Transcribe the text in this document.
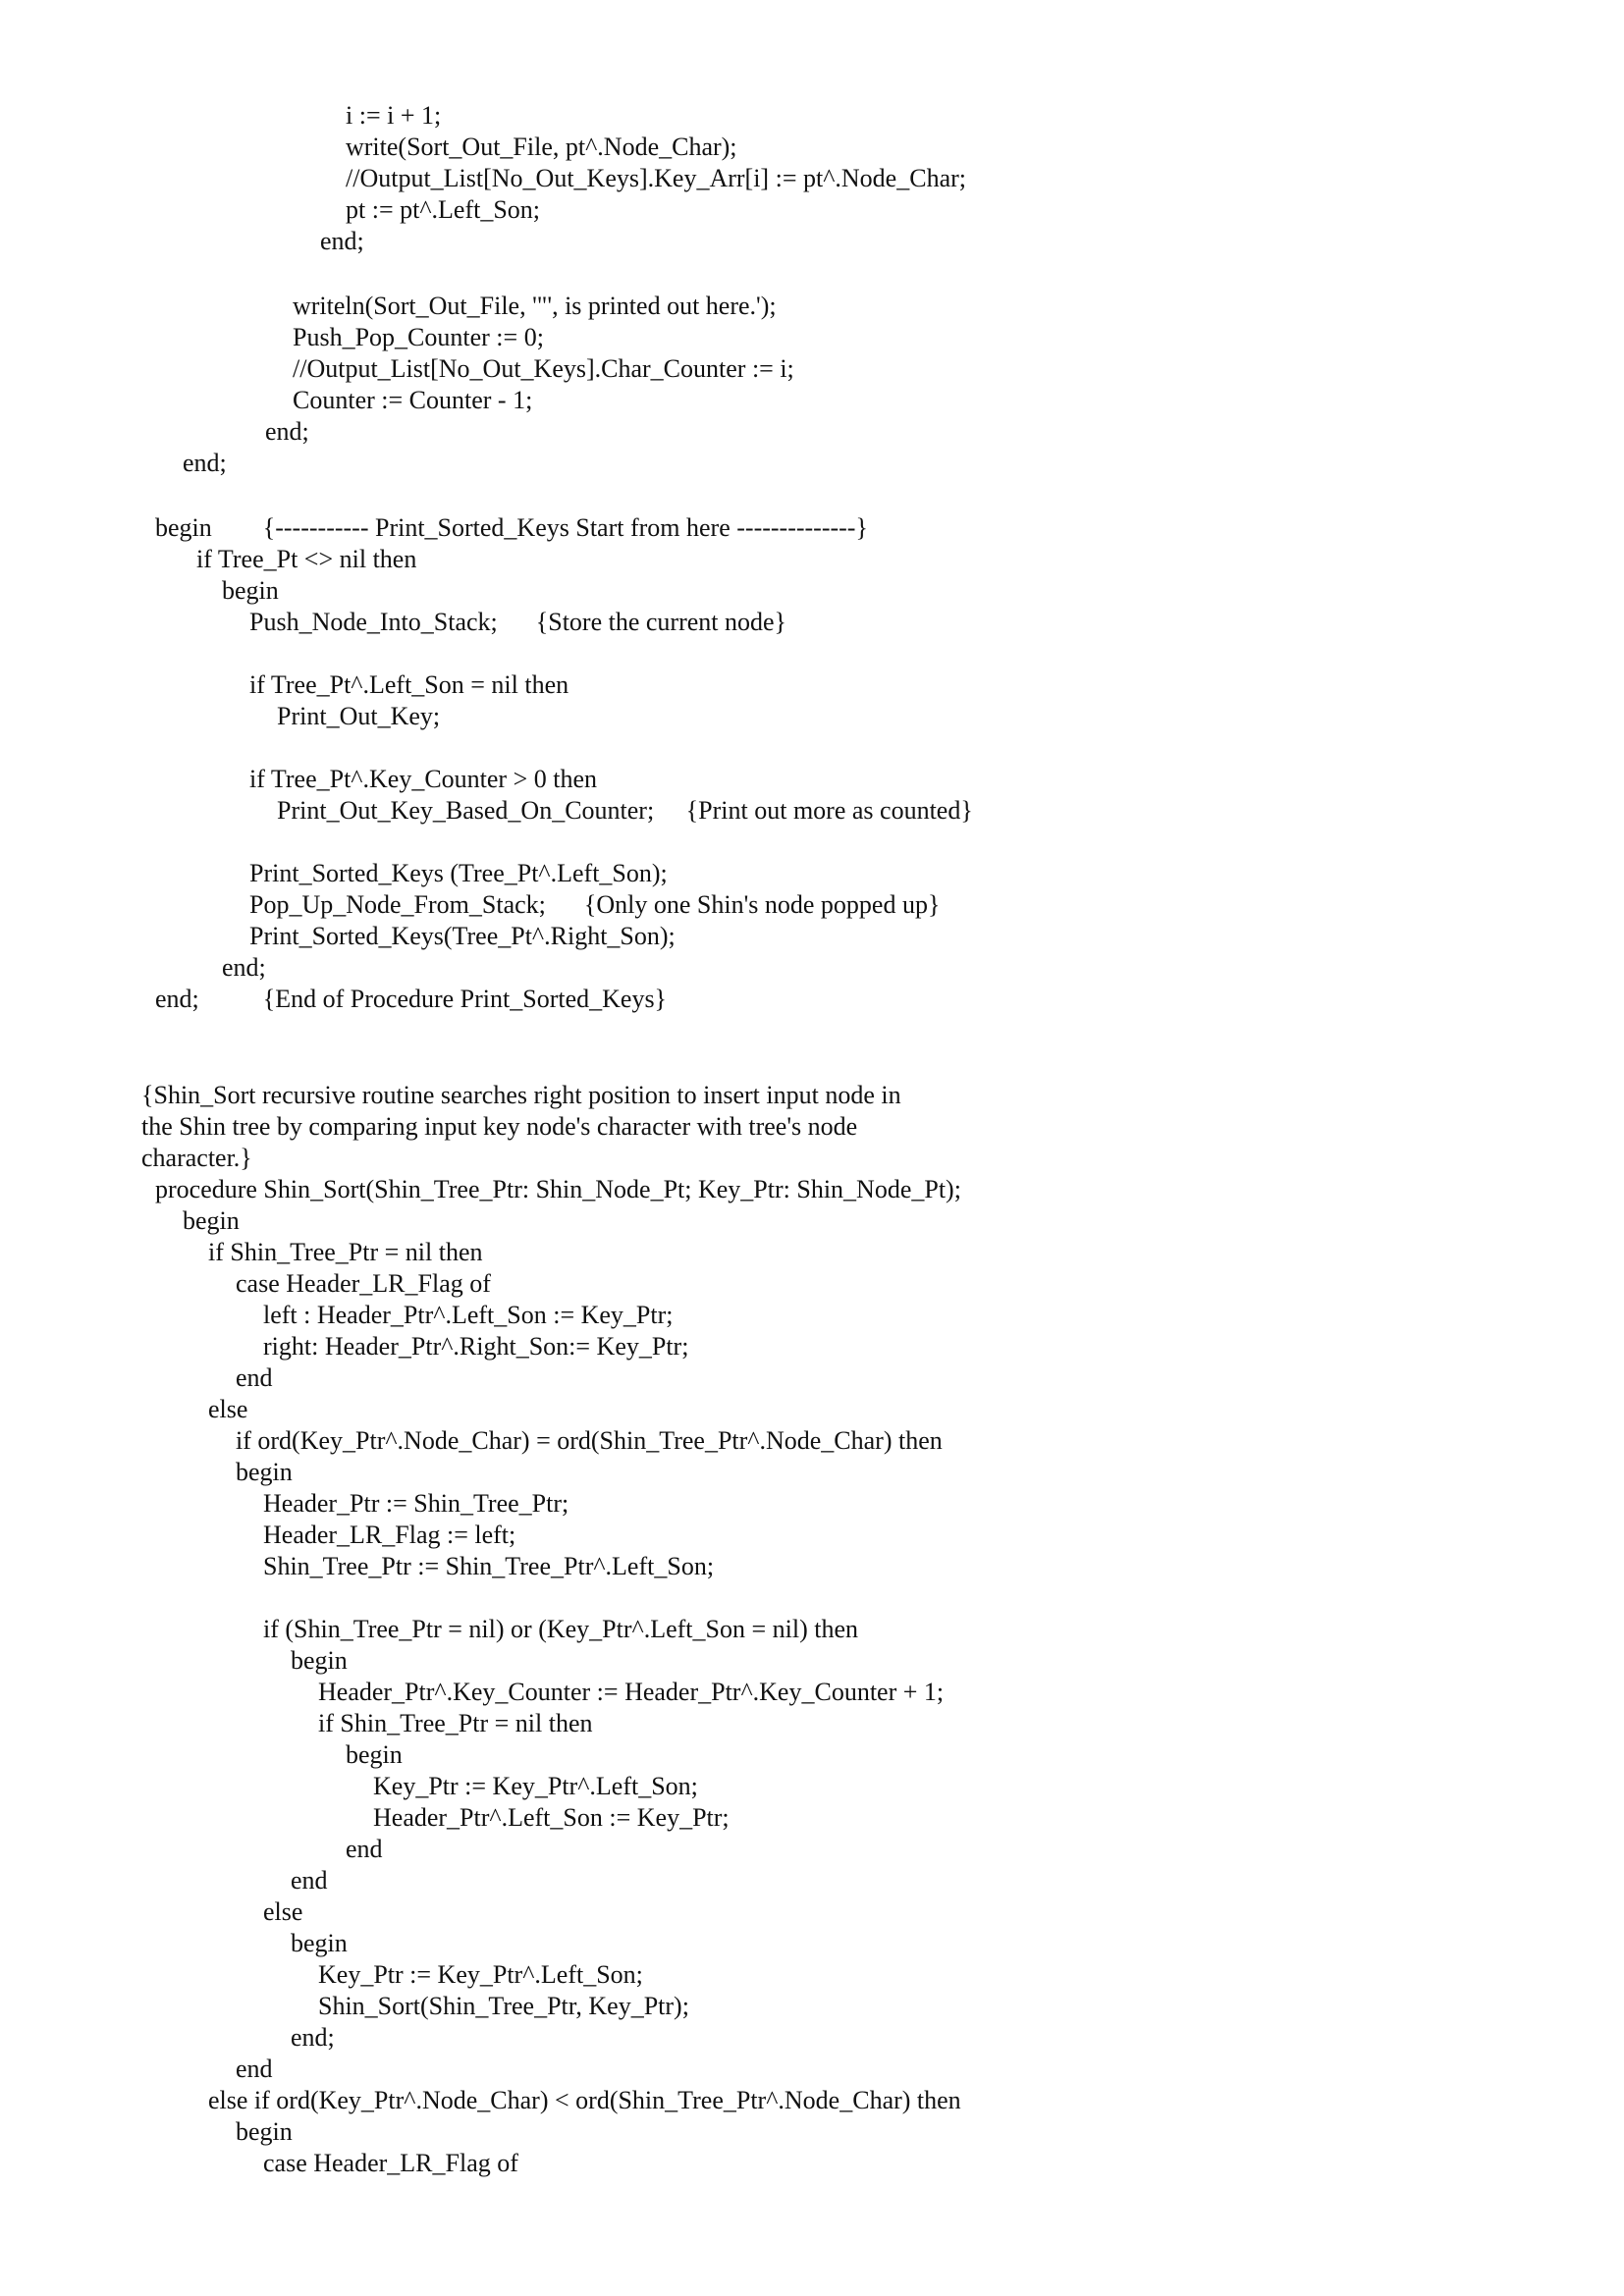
i := i + 1;
write(Sort_Out_File, pt^.Node_Char);
//Output_List[No_Out_Keys].Key_Arr[i] := pt^.Node_Char;
pt := pt^.Left_Son;
end;
writeln(Sort_Out_File, '"', is printed out here.');
Push_Pop_Counter := 0;
//Output_List[No_Out_Keys].Char_Counter := i;
Counter := Counter - 1;
end;
end;
begin        {----------- Print_Sorted_Keys Start from here --------------}
if Tree_Pt <> nil then
begin
Push_Node_Into_Stack;      {Store the current node}
if Tree_Pt^.Left_Son = nil then
Print_Out_Key;
if Tree_Pt^.Key_Counter > 0 then
Print_Out_Key_Based_On_Counter;     {Print out more as counted}
Print_Sorted_Keys (Tree_Pt^.Left_Son);
Pop_Up_Node_From_Stack;      {Only one Shin's node popped up}
Print_Sorted_Keys(Tree_Pt^.Right_Son);
end;
end;          {End of Procedure Print_Sorted_Keys}
{Shin_Sort recursive routine searches right position to insert input node in
the Shin tree by comparing input key node's character with tree's node
character.}
procedure Shin_Sort(Shin_Tree_Ptr: Shin_Node_Pt; Key_Ptr: Shin_Node_Pt);
begin
if Shin_Tree_Ptr = nil then
case Header_LR_Flag of
left : Header_Ptr^.Left_Son := Key_Ptr;
right: Header_Ptr^.Right_Son:= Key_Ptr;
end
else
if ord(Key_Ptr^.Node_Char) = ord(Shin_Tree_Ptr^.Node_Char) then
begin
Header_Ptr := Shin_Tree_Ptr;
Header_LR_Flag := left;
Shin_Tree_Ptr := Shin_Tree_Ptr^.Left_Son;
if (Shin_Tree_Ptr = nil) or (Key_Ptr^.Left_Son = nil) then
begin
Header_Ptr^.Key_Counter := Header_Ptr^.Key_Counter + 1;
if Shin_Tree_Ptr = nil then
begin
Key_Ptr := Key_Ptr^.Left_Son;
Header_Ptr^.Left_Son := Key_Ptr;
end
end
else
begin
Key_Ptr := Key_Ptr^.Left_Son;
Shin_Sort(Shin_Tree_Ptr, Key_Ptr);
end;
end
else if ord(Key_Ptr^.Node_Char) < ord(Shin_Tree_Ptr^.Node_Char) then
begin
case Header_LR_Flag of
